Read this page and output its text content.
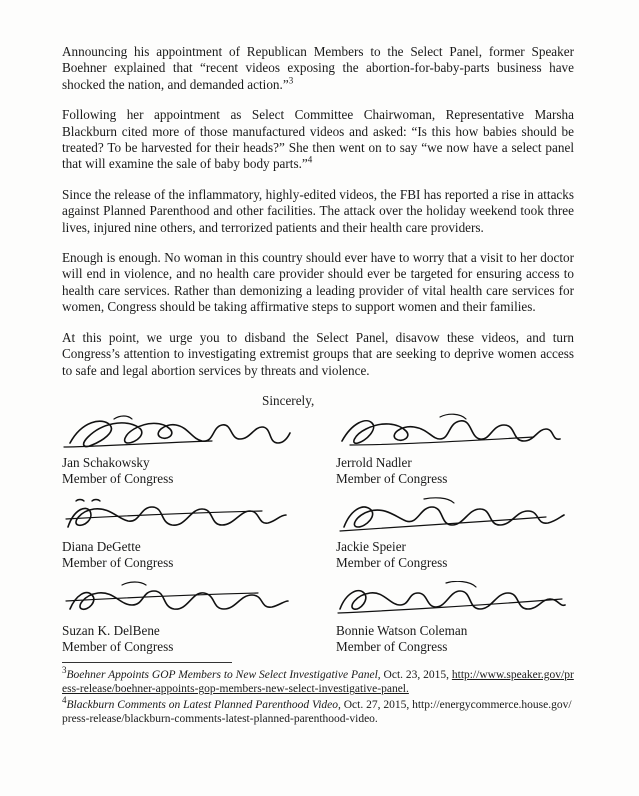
Announcing his appointment of Republican Members to the Select Panel, former Speaker Boehner explained that “recent videos exposing the abortion-for-baby-parts business have shocked the nation, and demanded action.”$^3$

Following her appointment as Select Committee Chairwoman, Representative Marsha Blackburn cited more of those manufactured videos and asked: “Is this how babies should be treated? To be harvested for their heads?” She then went on to say “we now have a select panel that will examine the sale of baby body parts.”$^4$

Since the release of the inflammatory, highly-edited videos, the FBI has reported a rise in attacks against Planned Parenthood and other facilities. The attack over the holiday weekend took three lives, injured nine others, and terrorized patients and their health care providers.

Enough is enough. No woman in this country should ever have to worry that a visit to her doctor will end in violence, and no health care provider should ever be targeted for ensuring access to health care services. Rather than demonizing a leading provider of vital health care services for women, Congress should be taking affirmative steps to support women and their families.

At this point, we urge you to disband the Select Panel, disavow these videos, and turn Congress’s attention to investigating extremist groups that are seeking to deprive women access to safe and legal abortion services by threats and violence.

Sincerely,

Jan Schakowsky
Member of Congress
Jerrold Nadler
Member of Congress
Diana DeGette
Member of Congress
Jackie Speier
Member of Congress
Suzan K. DelBene
Member of Congress
Bonnie Watson Coleman
Member of Congress

$^3$Boehner Appoints GOP Members to New Select Investigative Panel, Oct. 23, 2015, http://www.speaker.gov/press-release/boehner-appoints-gop-members-new-select-investigative-panel.

$^4$Blackburn Comments on Latest Planned Parenthood Video, Oct. 27, 2015, http://energycommerce.house.gov/press-release/blackburn-comments-latest-planned-parenthood-video.
